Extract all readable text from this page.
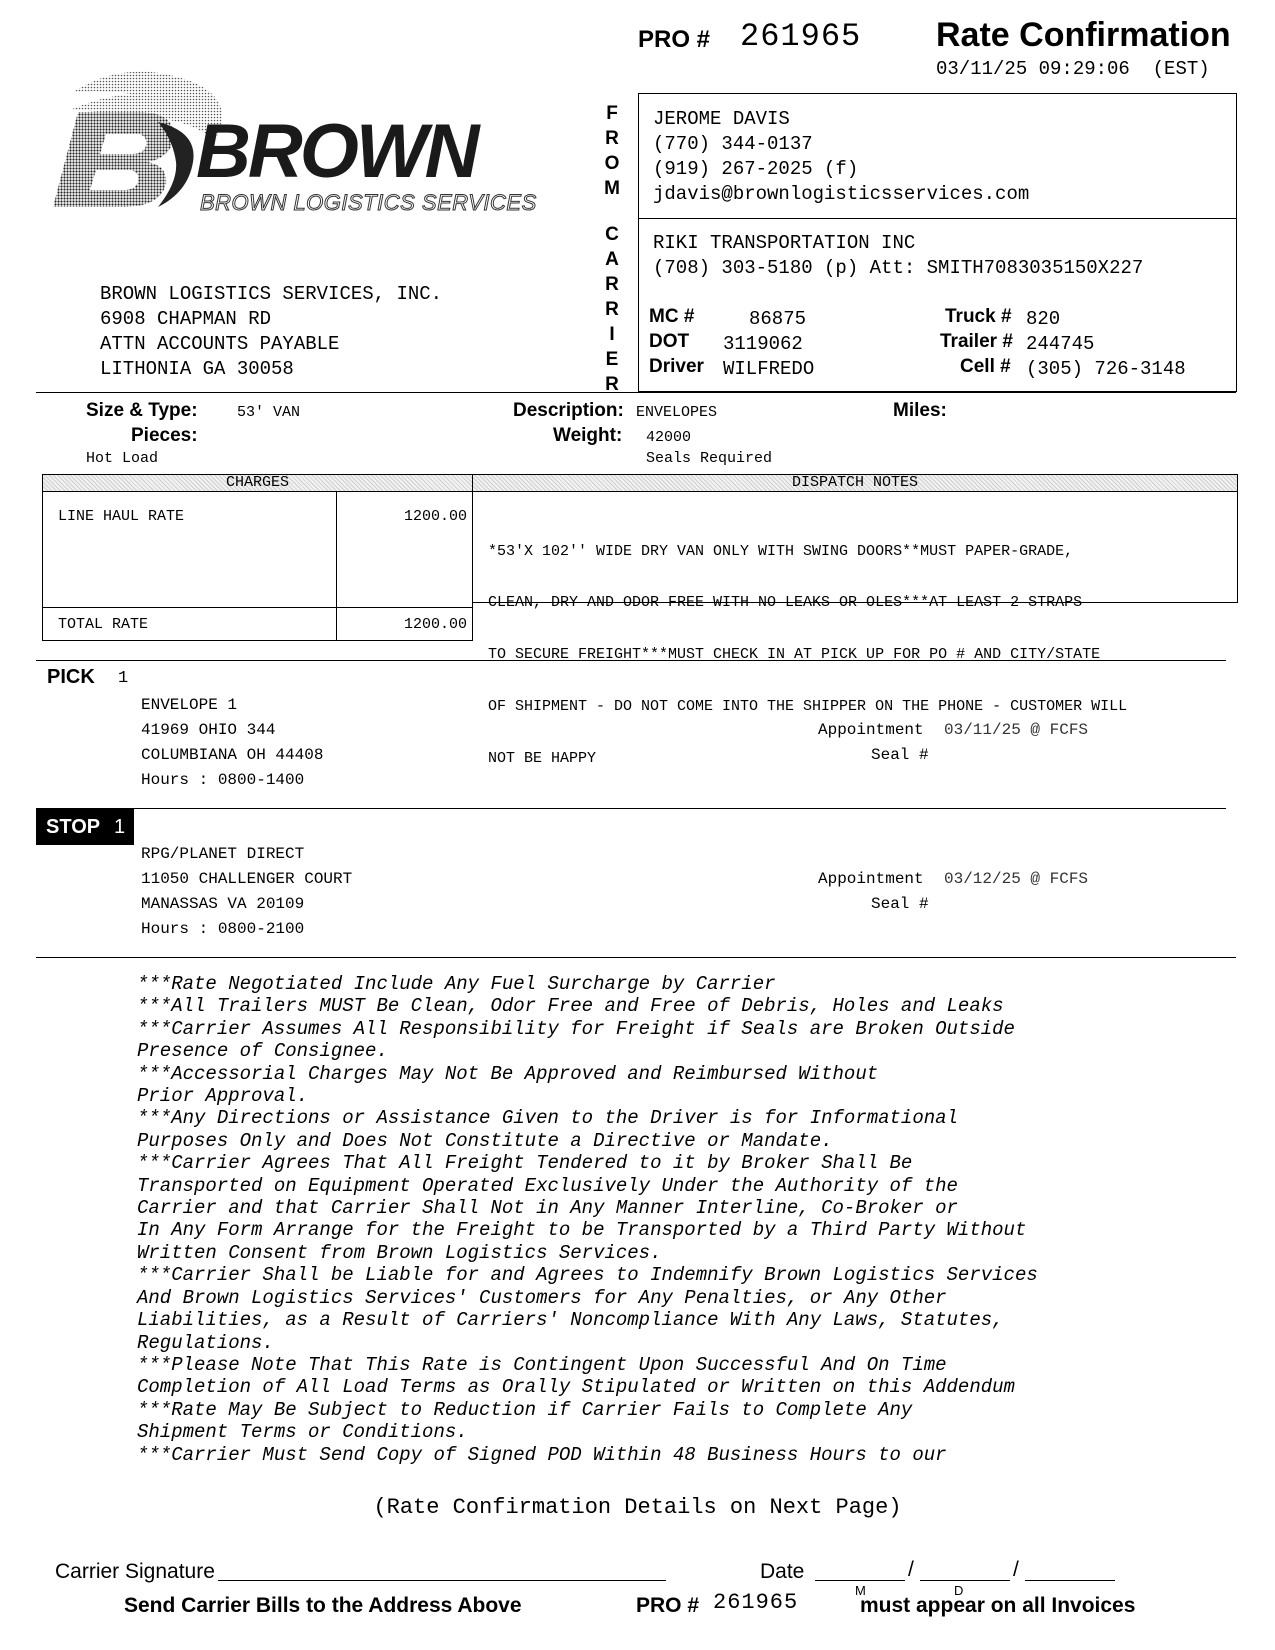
PRO # 261965 Rate Confirmation
03/11/25 09:29:06  (EST)
BROWN
BROWN LOGISTICS SERVICES
BROWN LOGISTICS SERVICES, INC.
6908 CHAPMAN RD
ATTN ACCOUNTS PAYABLE
LITHONIA GA 30058
F
R
O
M
C
A
R
R
I
E
R
JEROME DAVIS
(770) 344-0137
(919) 267-2025 (f)
jdavis@brownlogisticsservices.com
RIKI TRANSPORTATION INC
(708) 303-5180 (p) Att: SMITH7083035150X227
MC #	86875
DOT 3119062
Driver WILFREDO
Truck # 820
Trailer # 244745
Cell # (305) 726-3148
Size & Type:	53' VAN
Pieces:
Hot Load
Description: ENVELOPES
Weight: 42000
Seals Required
Miles:
CHARGES	DISPATCH NOTES
LINE HAUL RATE	1200.00
TOTAL RATE	1200.00

*53'X 102'' WIDE DRY VAN ONLY WITH SWING DOORS**MUST PAPER-GRADE,

CLEAN, DRY AND ODOR FREE WITH NO LEAKS OR OLES***AT LEAST 2 STRAPS

TO SECURE FREIGHT***MUST CHECK IN AT PICK UP FOR PO # AND CITY/STATE

OF SHIPMENT - DO NOT COME INTO THE SHIPPER ON THE PHONE - CUSTOMER WILL

NOT BE HAPPY

PICK 1
ENVELOPE 1
41969 OHIO 344
COLUMBIANA OH 44408
Hours : 0800-1400
Appointment 03/11/25 @ FCFS
Seal #
STOP 1
RPG/PLANET DIRECT
11050 CHALLENGER COURT
MANASSAS VA 20109
Hours : 0800-2100
Appointment 03/12/25 @ FCFS
Seal #
***Rate Negotiated Include Any Fuel Surcharge by Carrier
***All Trailers MUST Be Clean, Odor Free and Free of Debris, Holes and Leaks
***Carrier Assumes All Responsibility for Freight if Seals are Broken Outside
Presence of Consignee.
***Accessorial Charges May Not Be Approved and Reimbursed Without
Prior Approval.
***Any Directions or Assistance Given to the Driver is for Informational
Purposes Only and Does Not Constitute a Directive or Mandate.
***Carrier Agrees That All Freight Tendered to it by Broker Shall Be
Transported on Equipment Operated Exclusively Under the Authority of the
Carrier and that Carrier Shall Not in Any Manner Interline, Co-Broker or
In Any Form Arrange for the Freight to be Transported by a Third Party Without
Written Consent from Brown Logistics Services.
***Carrier Shall be Liable for and Agrees to Indemnify Brown Logistics Services
And Brown Logistics Services' Customers for Any Penalties, or Any Other
Liabilities, as a Result of Carriers' Noncompliance With Any Laws, Statutes,
Regulations.
***Please Note That This Rate is Contingent Upon Successful And On Time
Completion of All Load Terms as Orally Stipulated or Written on this Addendum
***Rate May Be Subject to Reduction if Carrier Fails to Complete Any
Shipment Terms or Conditions.
***Carrier Must Send Copy of Signed POD Within 48 Business Hours to our
(Rate Confirmation Details on Next Page)
Carrier Signature	Date	/	/
M	D
Send Carrier Bills to the Address Above	PRO # 261965	must appear on all Invoices
